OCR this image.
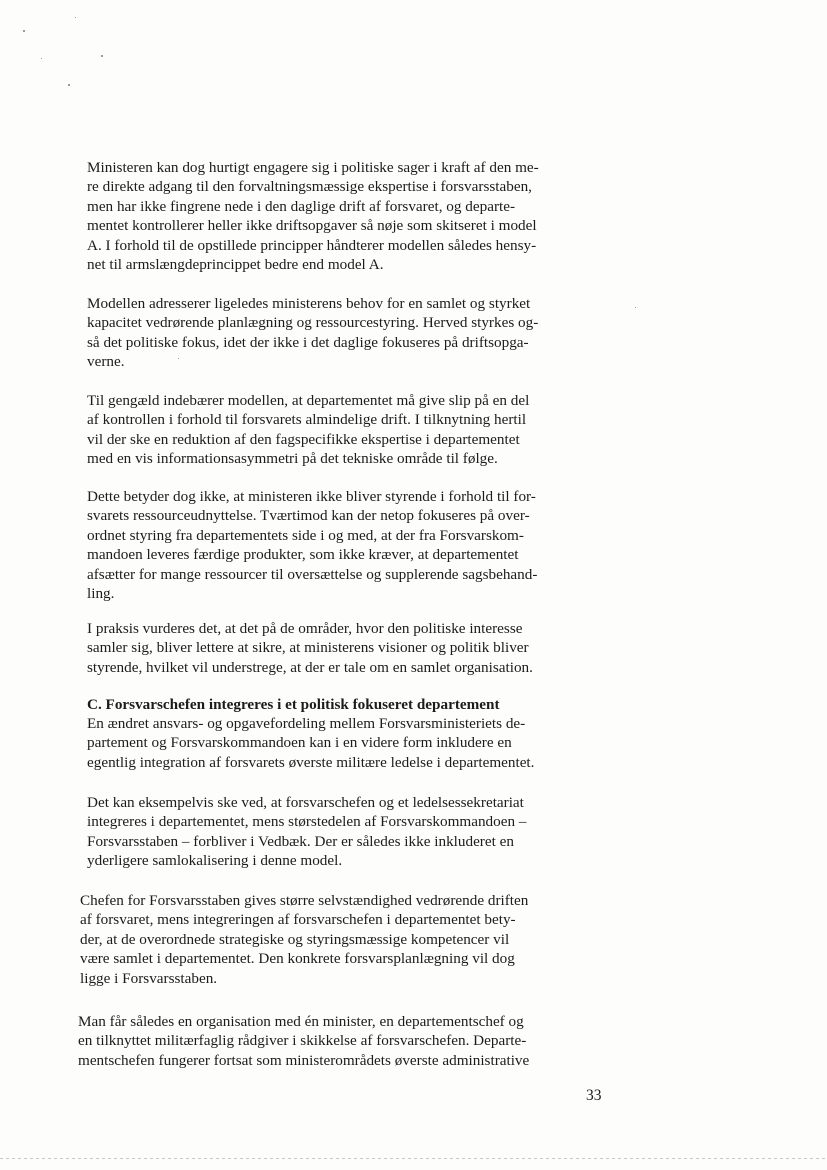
Ministeren kan dog hurtigt engagere sig i politiske sager i kraft af den me-
re direkte adgang til den forvaltningsmæssige ekspertise i forsvarsstaben,
men har ikke fingrene nede i den daglige drift af forsvaret, og departe-
mentet kontrollerer heller ikke driftsopgaver så nøje som skitseret i model
A. I forhold til de opstillede principper håndterer modellen således hensy-
net til armslængdeprincippet bedre end model A.

Modellen adresserer ligeledes ministerens behov for en samlet og styrket
kapacitet vedrørende planlægning og ressourcestyring. Herved styrkes og-
så det politiske fokus, idet der ikke i det daglige fokuseres på driftsopga-
verne.

Til gengæld indebærer modellen, at departementet må give slip på en del
af kontrollen i forhold til forsvarets almindelige drift. I tilknytning hertil
vil der ske en reduktion af den fagspecifikke ekspertise i departementet
med en vis informationsasymmetri på det tekniske område til følge.

Dette betyder dog ikke, at ministeren ikke bliver styrende i forhold til for-
svarets ressourceudnyttelse. Tværtimod kan der netop fokuseres på over-
ordnet styring fra departementets side i og med, at der fra Forsvarskom-
mandoen leveres færdige produkter, som ikke kræver, at departementet
afsætter for mange ressourcer til oversættelse og supplerende sagsbehand-
ling.

I praksis vurderes det, at det på de områder, hvor den politiske interesse
samler sig, bliver lettere at sikre, at ministerens visioner og politik bliver
styrende, hvilket vil understrege, at der er tale om en samlet organisation.

C. Forsvarschefen integreres i et politisk fokuseret departement

En ændret ansvars- og opgavefordeling mellem Forsvarsministeriets de-
partement og Forsvarskommandoen kan i en videre form inkludere en
egentlig integration af forsvarets øverste militære ledelse i departementet.

Det kan eksempelvis ske ved, at forsvarschefen og et ledelsessekretariat
integreres i departementet, mens størstedelen af Forsvarskommandoen –
Forsvarsstaben – forbliver i Vedbæk. Der er således ikke inkluderet en
yderligere samlokalisering i denne model.

Chefen for Forsvarsstaben gives større selvstændighed vedrørende driften
af forsvaret, mens integreringen af forsvarschefen i departementet bety-
der, at de overordnede strategiske og styringsmæssige kompetencer vil
være samlet i departementet. Den konkrete forsvarsplanlægning vil dog
ligge i Forsvarsstaben.

Man får således en organisation med én minister, en departementschef og
en tilknyttet militærfaglig rådgiver i skikkelse af forsvarschefen. Departe-
mentschefen fungerer fortsat som ministerområdets øverste administrative

33
